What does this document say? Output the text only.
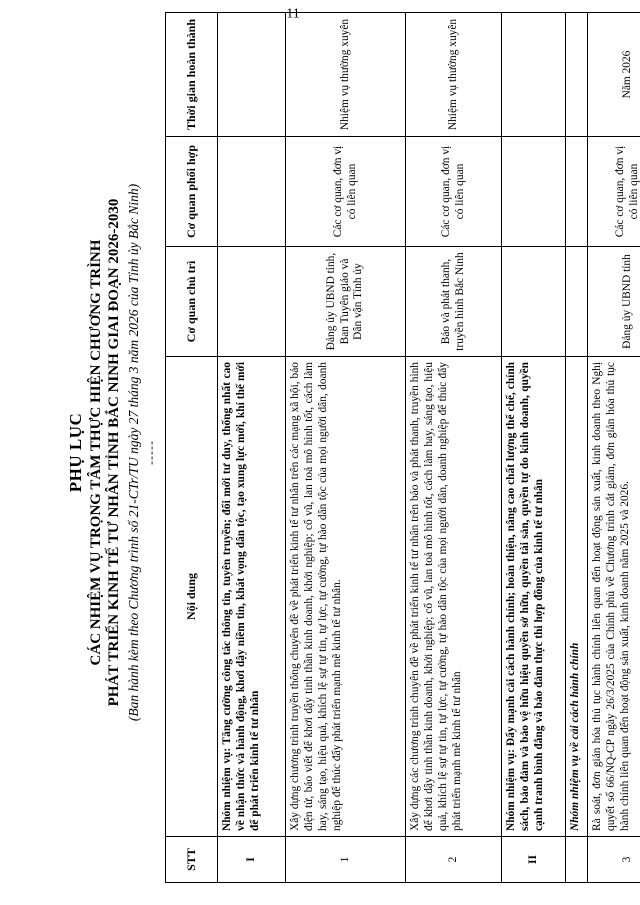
11
PHỤ LỤC CÁC NHIỆM VỤ TRỌNG TÂM THỰC HIỆN CHƯƠNG TRÌNH PHÁT TRIỂN KINH TẾ TƯ NHÂN TỈNH BẮC NINH GIAI ĐOẠN 2026-2030 (Ban hành kèm theo Chương trình số 21-CTr/TU ngày 27 tháng 3 năm 2026 của Tỉnh ủy Bắc Ninh) -----
STT	Nội dung	Cơ quan chủ trì	Cơ quan phối hợp	Thời gian hoàn thành
I	Nhóm nhiệm vụ: Tăng cường công tác thông tin, tuyên truyền; đổi mới tư duy, thống nhất cao về nhận thức và hành động, khơi dậy niềm tin, khát vọng dân tộc, tạo xung lực mới, khí thế mới để phát triển kinh tế tư nhân			
1	Xây dựng chương trình truyền thông chuyên đề về phát triển kinh tế tư nhân trên các mạng xã hội, báo điện tử, báo viết để khơi dậy tinh thần kinh doanh, khởi nghiệp; cổ vũ, lan toả mô hình tốt, cách làm hay, sáng tạo, hiệu quả, khích lệ sự tự tin, tự lực, tự cường, tự hào dân tộc của mọi người dân, doanh nghiệp để thúc đẩy phát triển mạnh mẽ kinh tế tư nhân.	Đảng ủy UBND tỉnh, Ban Tuyên giáo và Dân vận Tỉnh ủy	Các cơ quan, đơn vị có liên quan	Nhiệm vụ thường xuyên
2	Xây dựng các chương trình chuyên đề về phát triển kinh tế tư nhân trên báo và phát thanh, truyền hình để khơi dậy tinh thần kinh doanh, khởi nghiệp; cổ vũ, lan toả mô hình tốt, cách làm hay, sáng tạo, hiệu quả, khích lệ sự tự tin, tự lực, tự cường, tự hào dân tộc của mọi người dân, doanh nghiệp để thúc đẩy phát triển mạnh mẽ kinh tế tư nhân	Báo và phát thanh, truyền hình Bắc Ninh	Các cơ quan, đơn vị có liên quan	Nhiệm vụ thường xuyên
II	Nhóm nhiệm vụ: Đẩy mạnh cải cách hành chính; hoàn thiện, nâng cao chất lượng thể chế, chính sách, bảo đảm và bảo vệ hữu hiệu quyền sở hữu, quyền tài sản, quyền tự do kinh doanh, quyền cạnh tranh bình đẳng và bảo đảm thực thi hợp đồng của kinh tế tư nhân			
	Nhóm nhiệm vụ về cải cách hành chính			
3	Rà soát, đơn giản hóa thủ tục hành chính liên quan đến hoạt động sản xuất, kinh doanh theo Nghị quyết số 66/NQ-CP ngày 26/3/2025 của Chính phủ về Chương trình cắt giảm, đơn giản hóa thủ tục hành chính liên quan đến hoạt động sản xuất, kinh doanh năm 2025 và 2026.	Đảng ủy UBND tỉnh	Các cơ quan, đơn vị có liên quan	Năm 2026
